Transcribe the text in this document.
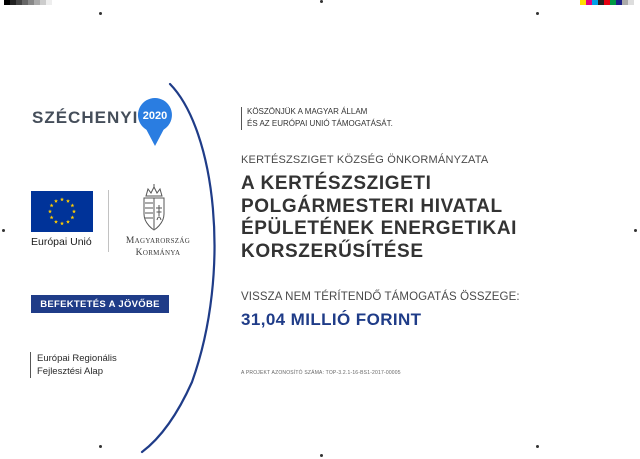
SZÉCHENYI 2020
Európai Unió	Magyarország
Kormánya
BEFEKTETÉS A JÖVŐBE
Európai Regionális
Fejlesztési Alap
KÖSZÖNJÜK A MAGYAR ÁLLAM
ÉS AZ EURÓPAI UNIÓ TÁMOGATÁSÁT.
KERTÉSZSZIGET KÖZSÉG ÖNKORMÁNYZATA
A KERTÉSZSZIGETI
POLGÁRMESTERI HIVATAL
ÉPÜLETÉNEK ENERGETIKAI
KORSZERŰSÍTÉSE
VISSZA NEM TÉRÍTENDŐ TÁMOGATÁS ÖSSZEGE:
31,04 MILLIÓ FORINT
A PROJEKT AZONOSÍTÓ SZÁMA: TOP-3.2.1-16-BS1-2017-00005
